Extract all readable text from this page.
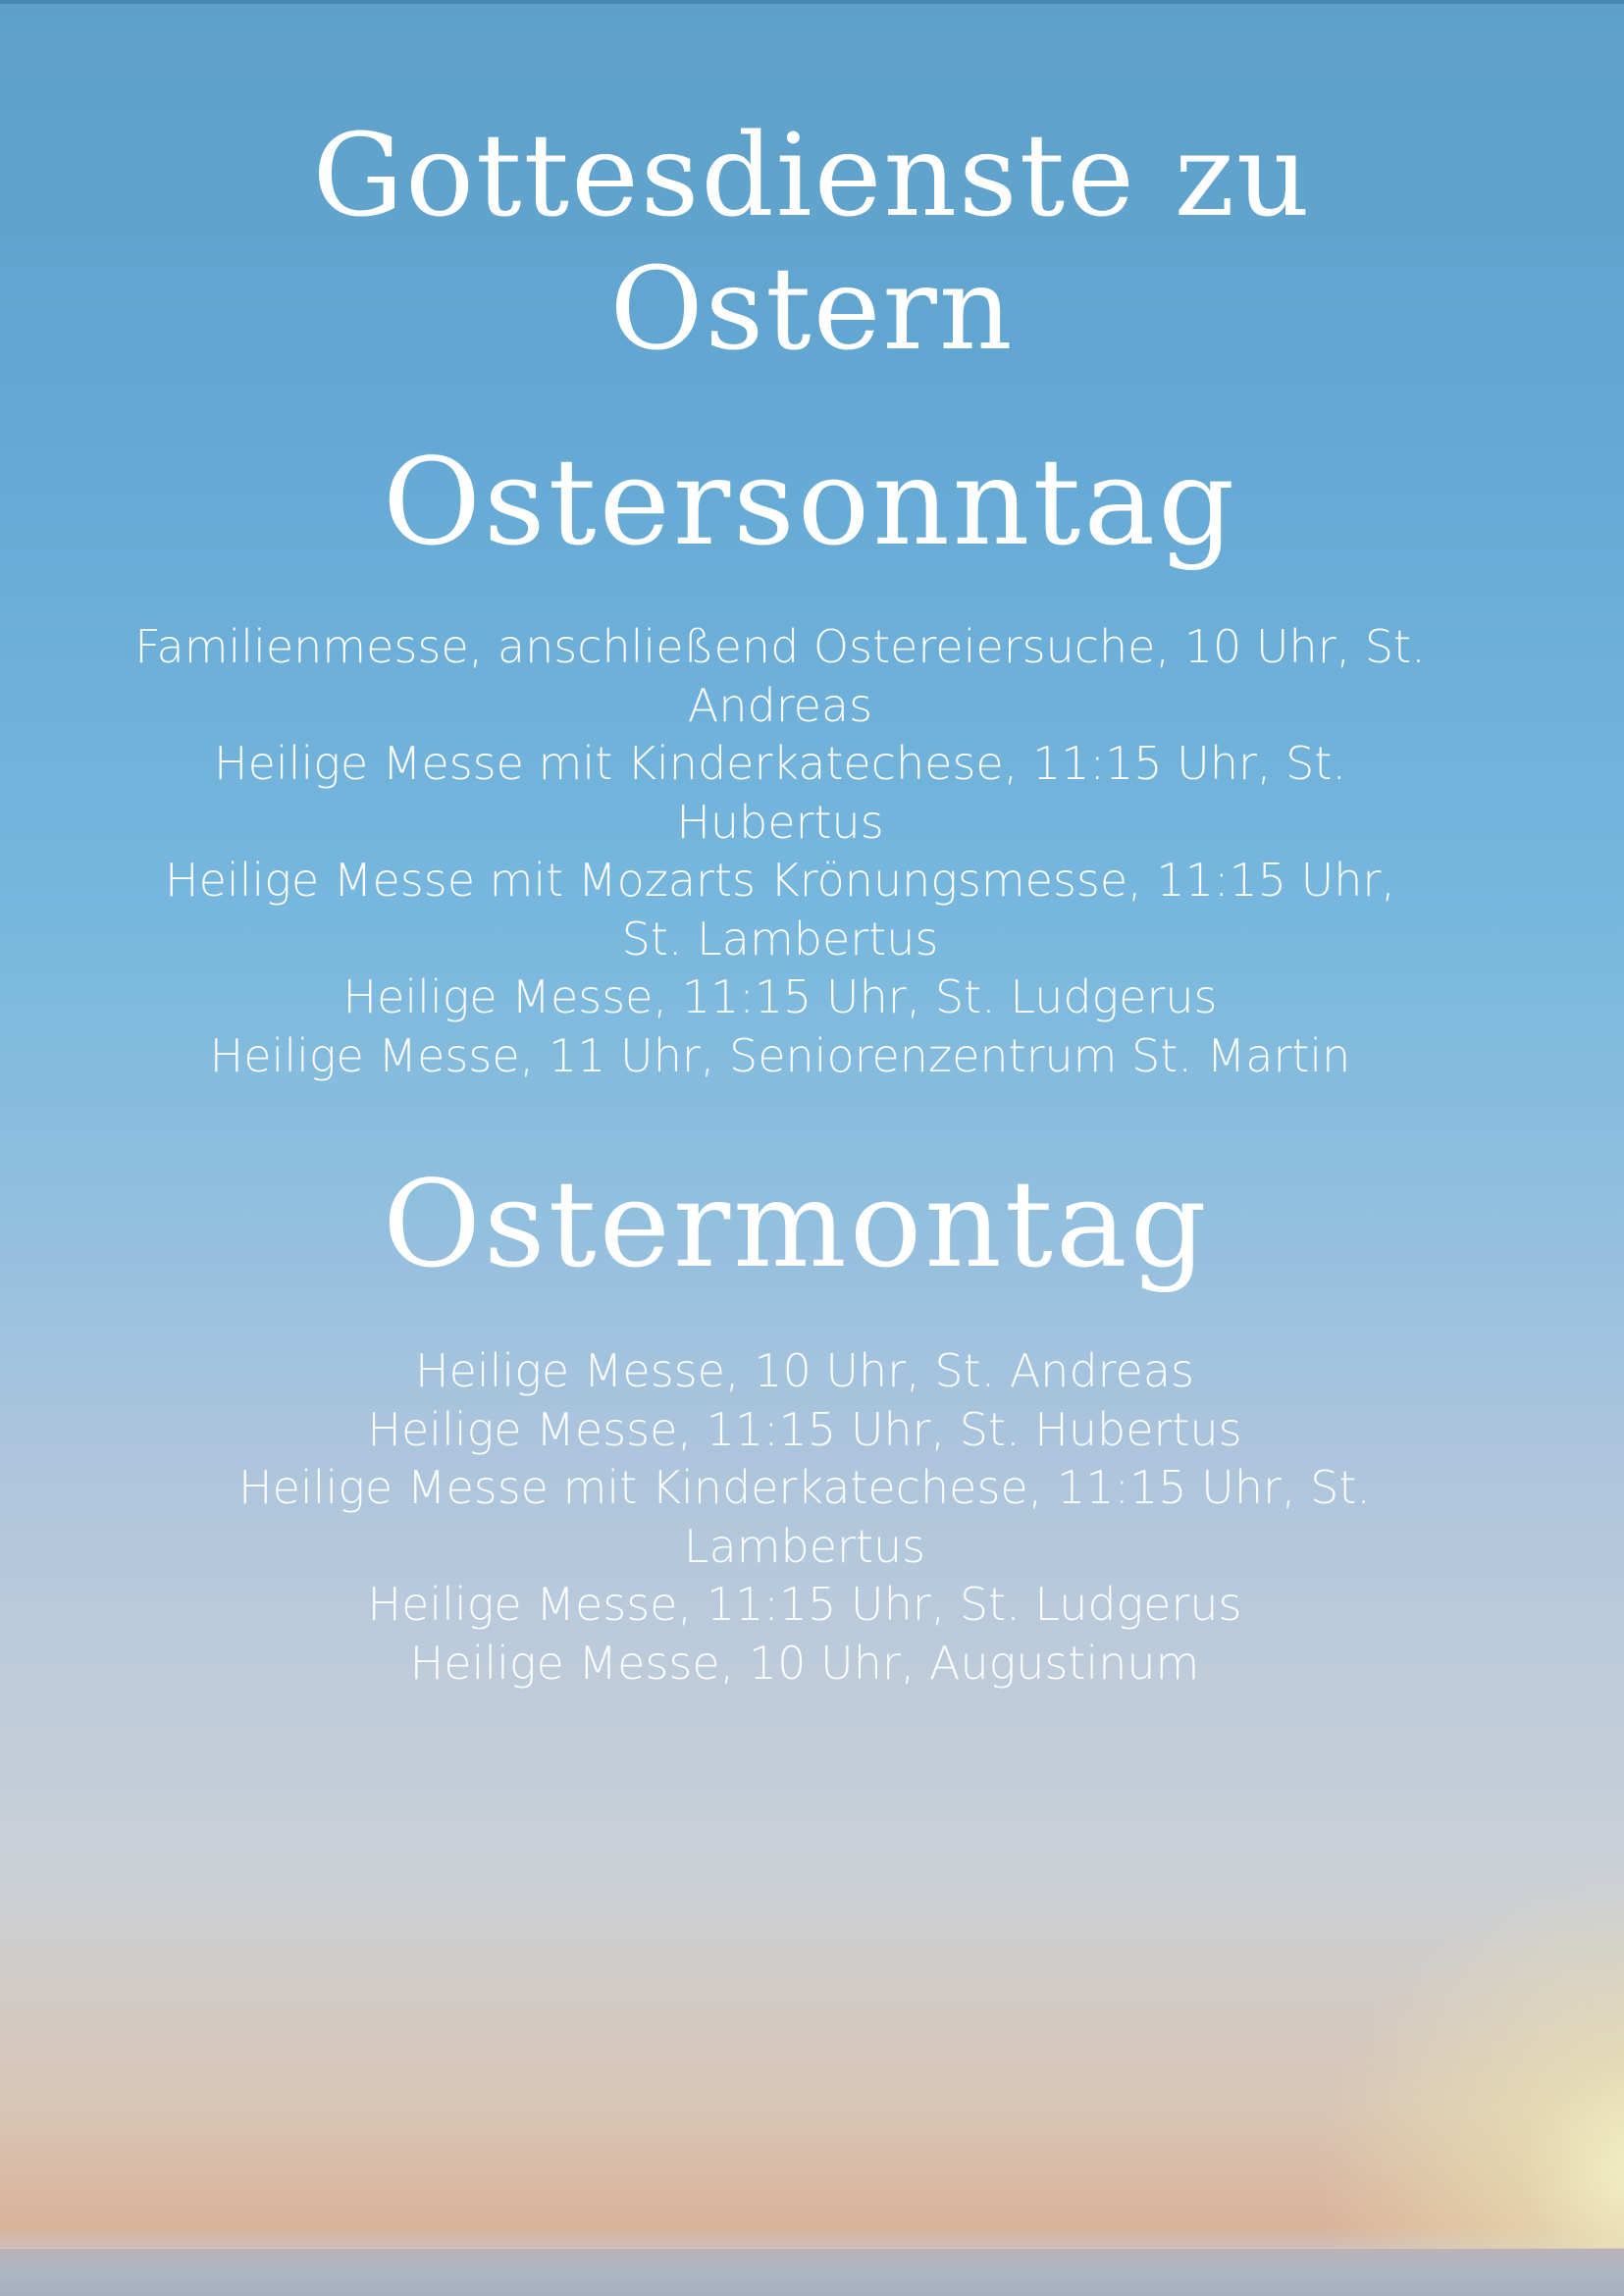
Gottesdienste zu
Ostern
Ostersonntag
Familienmesse, anschließend Ostereiersuche, 10 Uhr, St. Andreas
Heilige Messe mit Kinderkatechese, 11:15 Uhr, St. Hubertus
Heilige Messe mit Mozarts Krönungsmesse, 11:15 Uhr, St. Lambertus
Heilige Messe, 11:15 Uhr, St. Ludgerus
Heilige Messe, 11 Uhr, Seniorenzentrum St. Martin
Ostermontag
Heilige Messe, 10 Uhr, St. Andreas
Heilige Messe, 11:15 Uhr, St. Hubertus
Heilige Messe mit Kinderkatechese, 11:15 Uhr, St. Lambertus
Heilige Messe, 11:15 Uhr, St. Ludgerus
Heilige Messe, 10 Uhr, Augustinum
